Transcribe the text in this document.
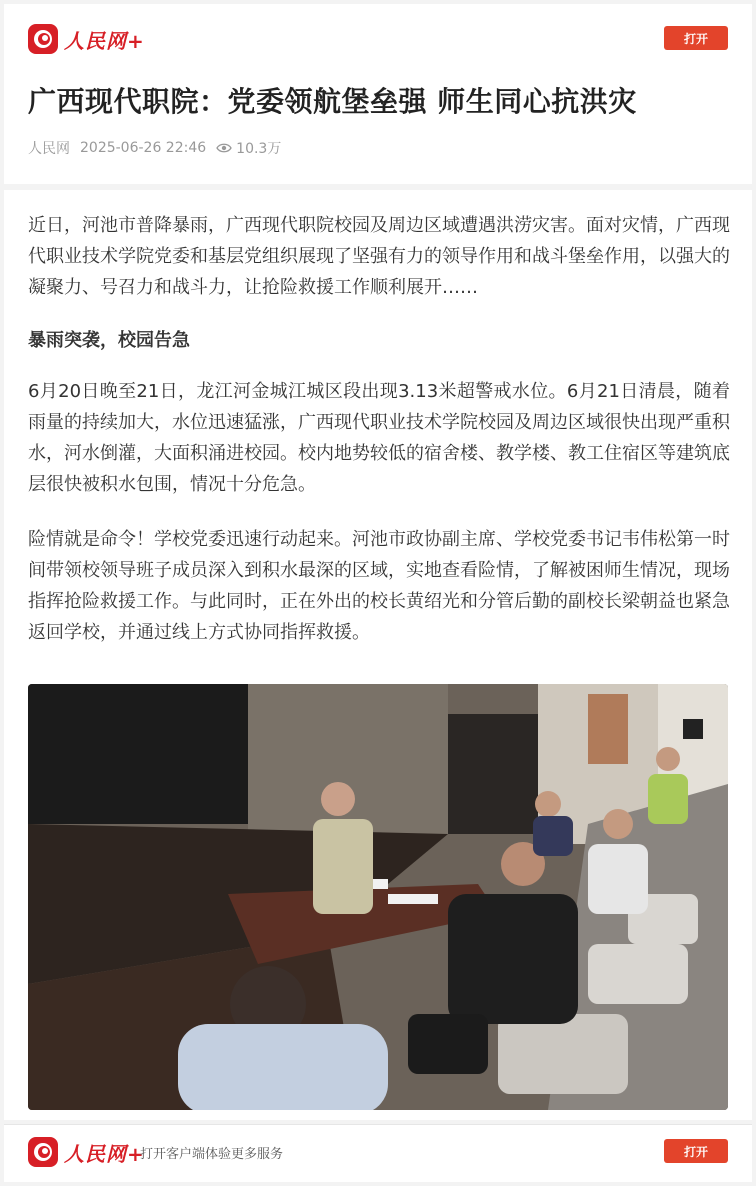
人民网+	打开
广西现代职院：党委领航堡垒强 师生同心抗洪灾
人民网 2025-06-26 22:46 10.3万

近日，河池市普降暴雨，广西现代职院校园及周边区域遭遇洪涝灾害。面对灾情，广西现代职业技术学院党委和基层党组织展现了坚强有力的领导作用和战斗堡垒作用，以强大的凝聚力、号召力和战斗力，让抢险救援工作顺利展开……

暴雨突袭，校园告急

6月20日晚至21日，龙江河金城江城区段出现3.13米超警戒水位。6月21日清晨，随着雨量的持续加大，水位迅速猛涨，广西现代职业技术学院校园及周边区域很快出现严重积水，河水倒灌，大面积涌进校园。校内地势较低的宿舍楼、教学楼、教工住宿区等建筑底层很快被积水包围，情况十分危急。

险情就是命令！学校党委迅速行动起来。河池市政协副主席、学校党委书记韦伟松第一时间带领校领导班子成员深入到积水最深的区域，实地查看险情，了解被困师生情况，现场指挥抢险救援工作。与此同时，正在外出的校长黄绍光和分管后勤的副校长梁朝益也紧急返回学校，并通过线上方式协同指挥救援。

人民网+
打开客户端体验更多服务	打开
